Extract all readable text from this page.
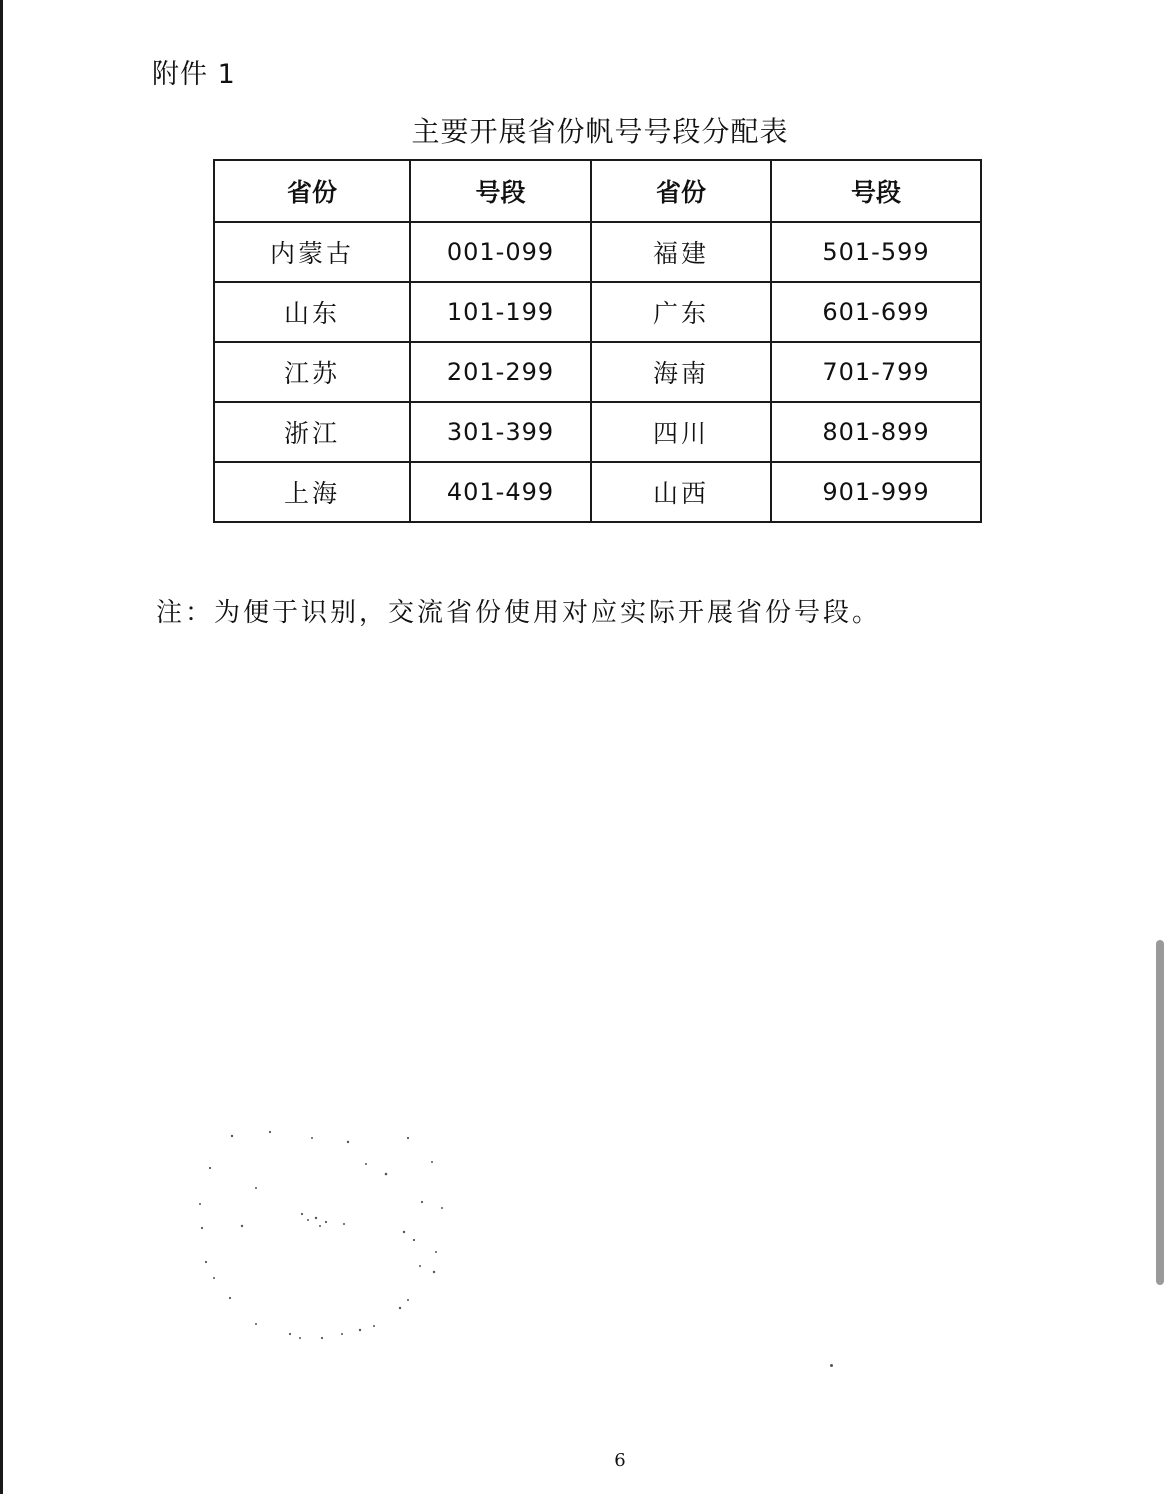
附件 1
主要开展省份帆号号段分配表
省份	号段	省份	号段
内蒙古	001-099	福建	501-599
山东	101-199	广东	601-699
江苏	201-299	海南	701-799
浙江	301-399	四川	801-899
上海	401-499	山西	901-999
注：为便于识别，交流省份使用对应实际开展省份号段。
6
